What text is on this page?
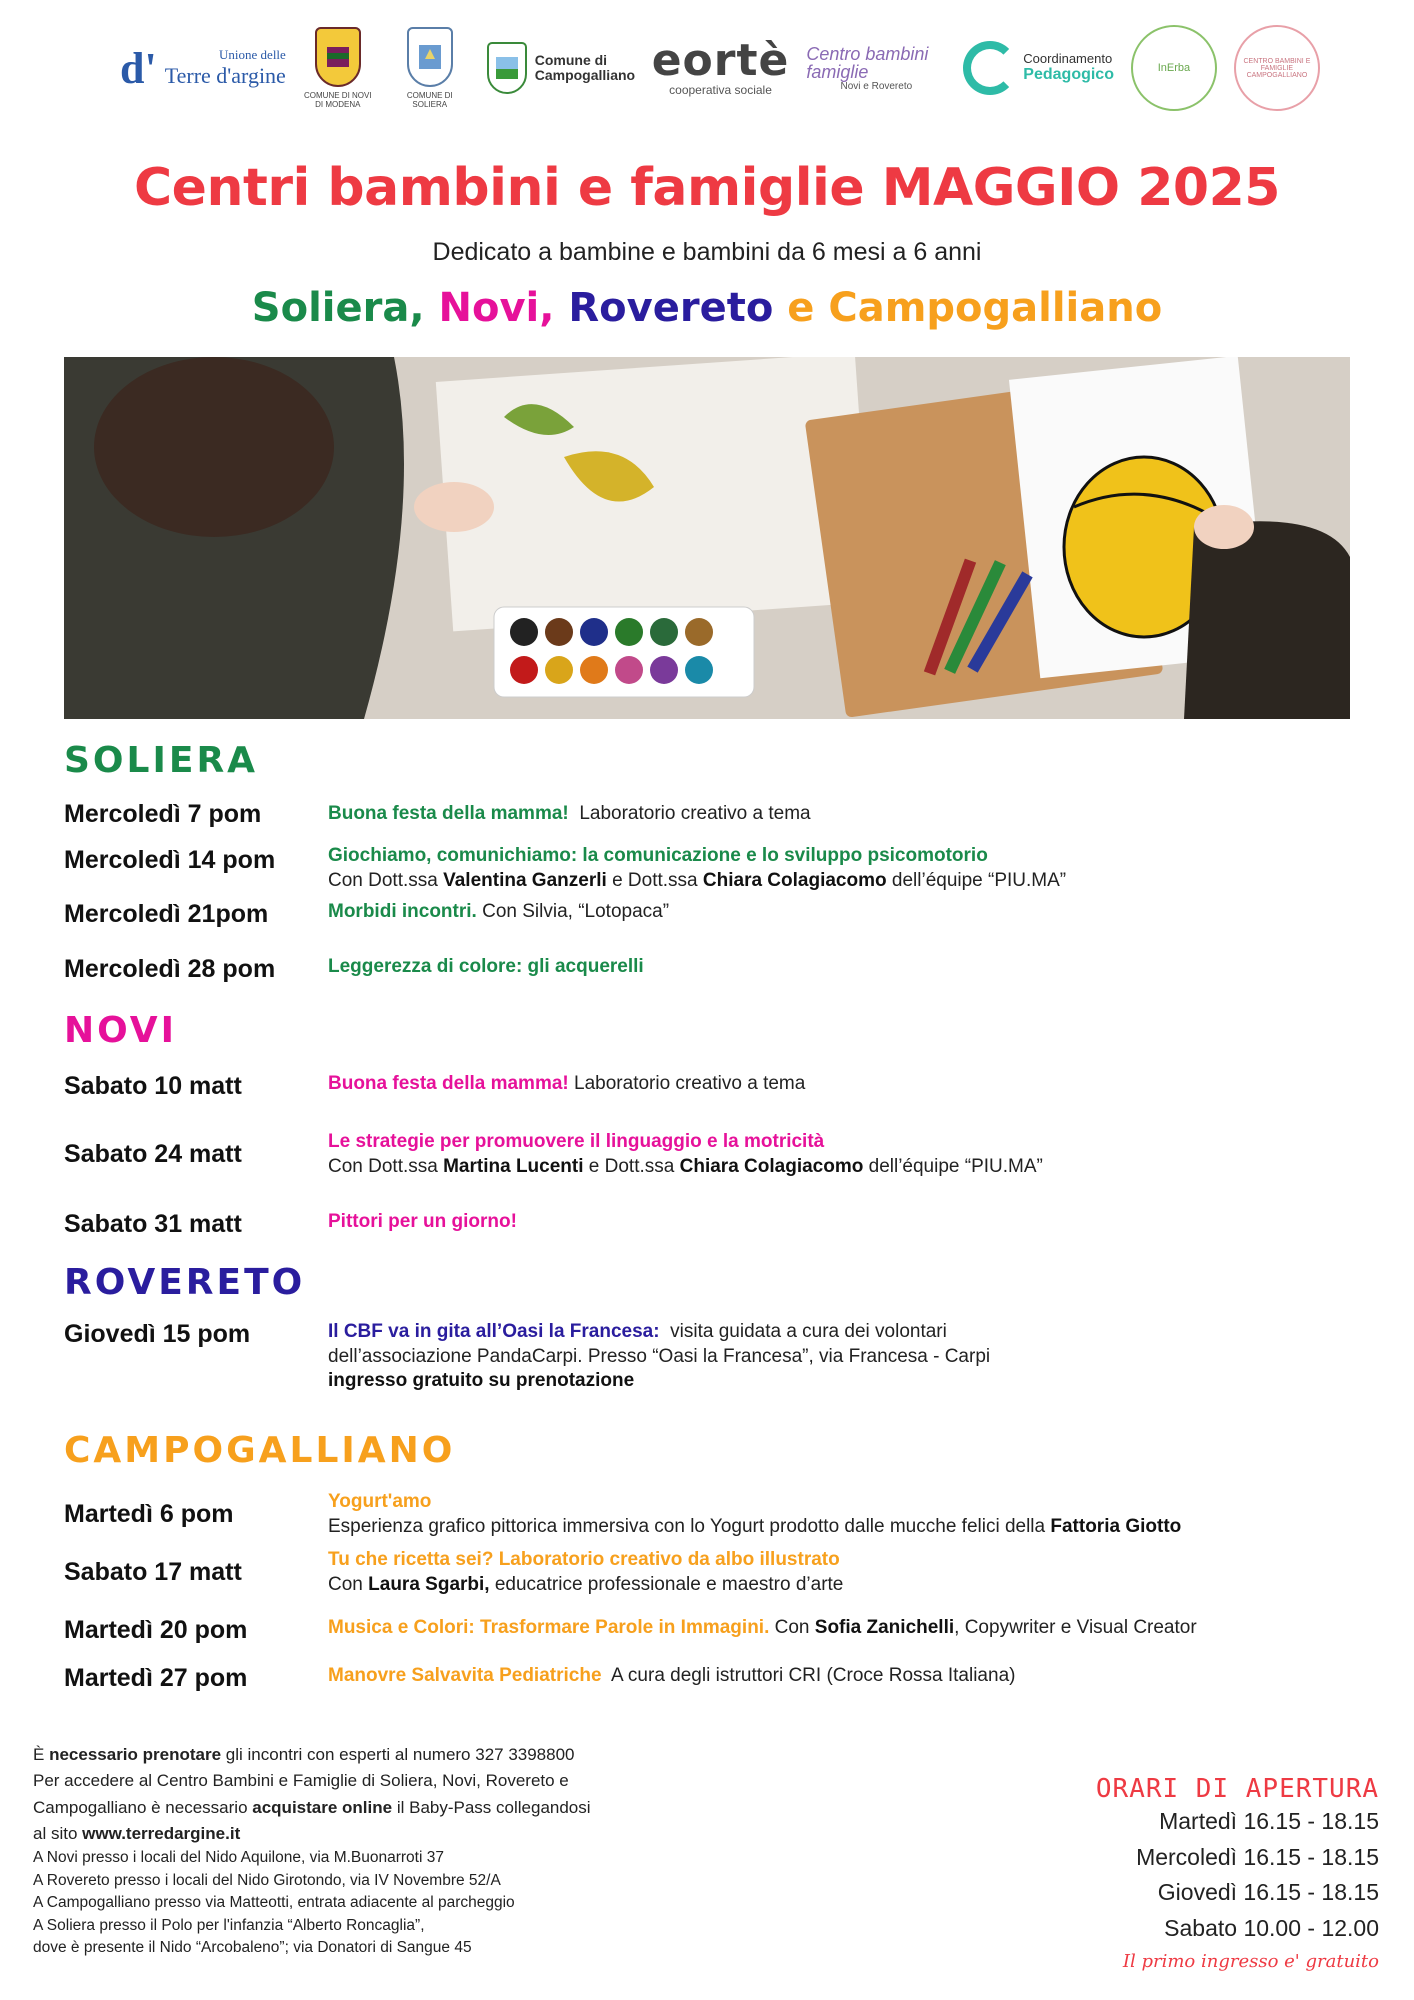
d'	Unione delle
Terre d'argine
COMUNE DI NOVI DI MODENA
COMUNE DI SOLIERA
Comune di Campogalliano eortè
cooperativa sociale
Centro bambini famiglie
Novi e Rovereto
Coordinamento
Pedagogico	InErba
CENTRO BAMBINI E FAMIGLIE CAMPOGALLIANO
Centri bambini e famiglie MAGGIO 2025
Dedicato a bambine e bambini da 6 mesi a 6 anni
Soliera, Novi, Rovereto e Campogalliano
SOLIERA
Mercoledì 7 pom	Buona festa della mamma! Laboratorio creativo a tema
Mercoledì 14 pom	Giochiamo, comunichiamo: la comunicazione e lo sviluppo psicomotorio
Con Dott.ssa Valentina Ganzerli e Dott.ssa Chiara Colagiacomo dell’équipe “PIU.MA”
Mercoledì 21pom	Morbidi incontri. Con Silvia, “Lotopaca”
Mercoledì 28 pom	Leggerezza di colore: gli acquerelli
NOVI
Sabato 10 matt	Buona festa della mamma! Laboratorio creativo a tema
Sabato 24 matt	Le strategie per promuovere il linguaggio e la motricità
Con Dott.ssa Martina Lucenti e Dott.ssa Chiara Colagiacomo dell’équipe “PIU.MA”
Sabato 31 matt	Pittori per un giorno!
ROVERETO
Giovedì 15 pom	Il CBF va in gita all’Oasi la Francesa: visita guidata a cura dei volontari
dell’associazione PandaCarpi. Presso “Oasi la Francesa”, via Francesa - Carpi
ingresso gratuito su prenotazione
CAMPOGALLIANO
Martedì 6 pom	Yogurt'amo
Esperienza grafico pittorica immersiva con lo Yogurt prodotto dalle mucche felici della Fattoria Giotto
Sabato 17 matt	Tu che ricetta sei? Laboratorio creativo da albo illustrato
Con Laura Sgarbi, educatrice professionale e maestro d’arte
Martedì 20 pom	Musica e Colori: Trasformare Parole in Immagini. Con Sofia Zanichelli, Copywriter e Visual Creator
Martedì 27 pom	Manovre Salvavita Pediatriche A cura degli istruttori CRI (Croce Rossa Italiana)
È necessario prenotare gli incontri con esperti al numero 327 3398800
Per accedere al Centro Bambini e Famiglie di Soliera, Novi, Rovereto e
Campogalliano è necessario acquistare online il Baby-Pass collegandosi
al sito www.terredargine.it
A Novi presso i locali del Nido Aquilone, via M.Buonarroti 37
A Rovereto presso i locali del Nido Girotondo, via IV Novembre 52/A
A Campogalliano presso via Matteotti, entrata adiacente al parcheggio
A Soliera presso il Polo per l'infanzia “Alberto Roncaglia”,
dove è presente il Nido “Arcobaleno”; via Donatori di Sangue 45
ORARI DI APERTURA
Martedì 16.15 - 18.15
Mercoledì 16.15 - 18.15
Giovedì 16.15 - 18.15
Sabato 10.00 - 12.00
Il primo ingresso e' gratuito
